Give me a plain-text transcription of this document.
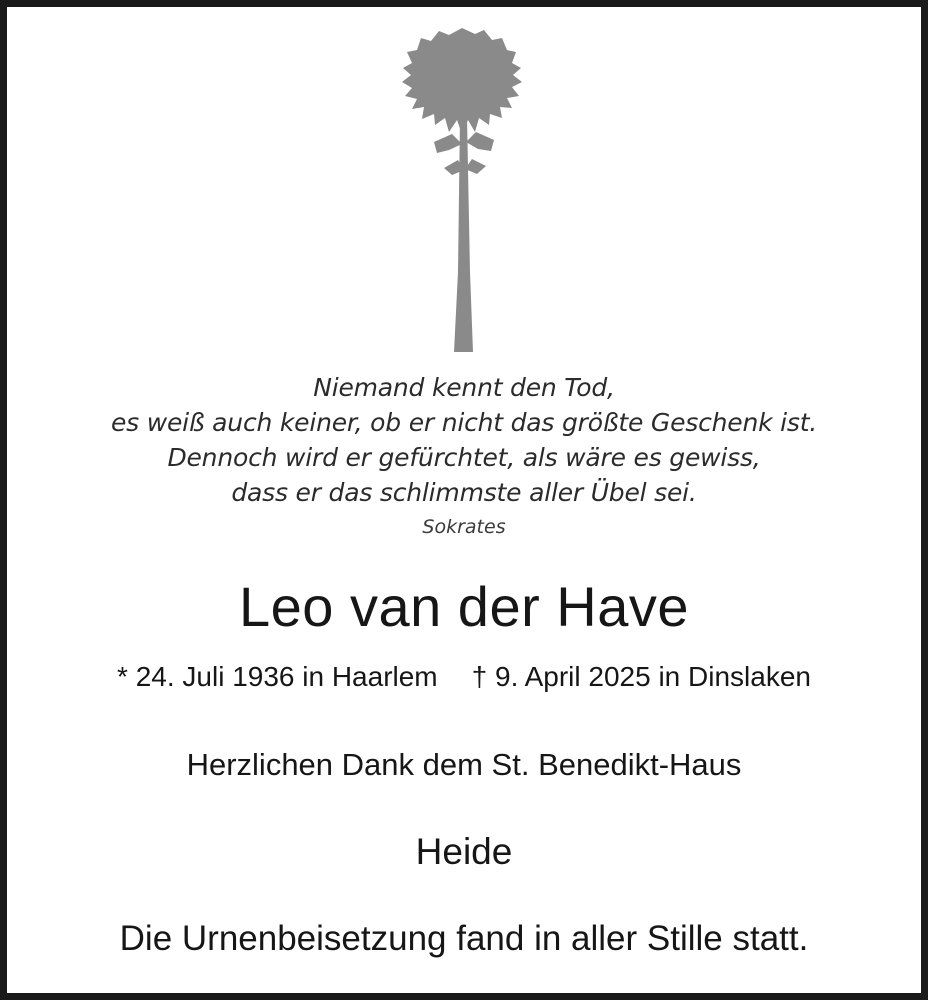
Niemand kennt den Tod,
es weiß auch keiner, ob er nicht das größte Geschenk ist.
Dennoch wird er gefürchtet, als wäre es gewiss,
dass er das schlimmste aller Übel sei.
Sokrates
Leo van der Have
* 24. Juli 1936 in Haarlem † 9. April 2025 in Dinslaken
Herzlichen Dank dem St. Benedikt-Haus
Heide
Die Urnenbeisetzung fand in aller Stille statt.
